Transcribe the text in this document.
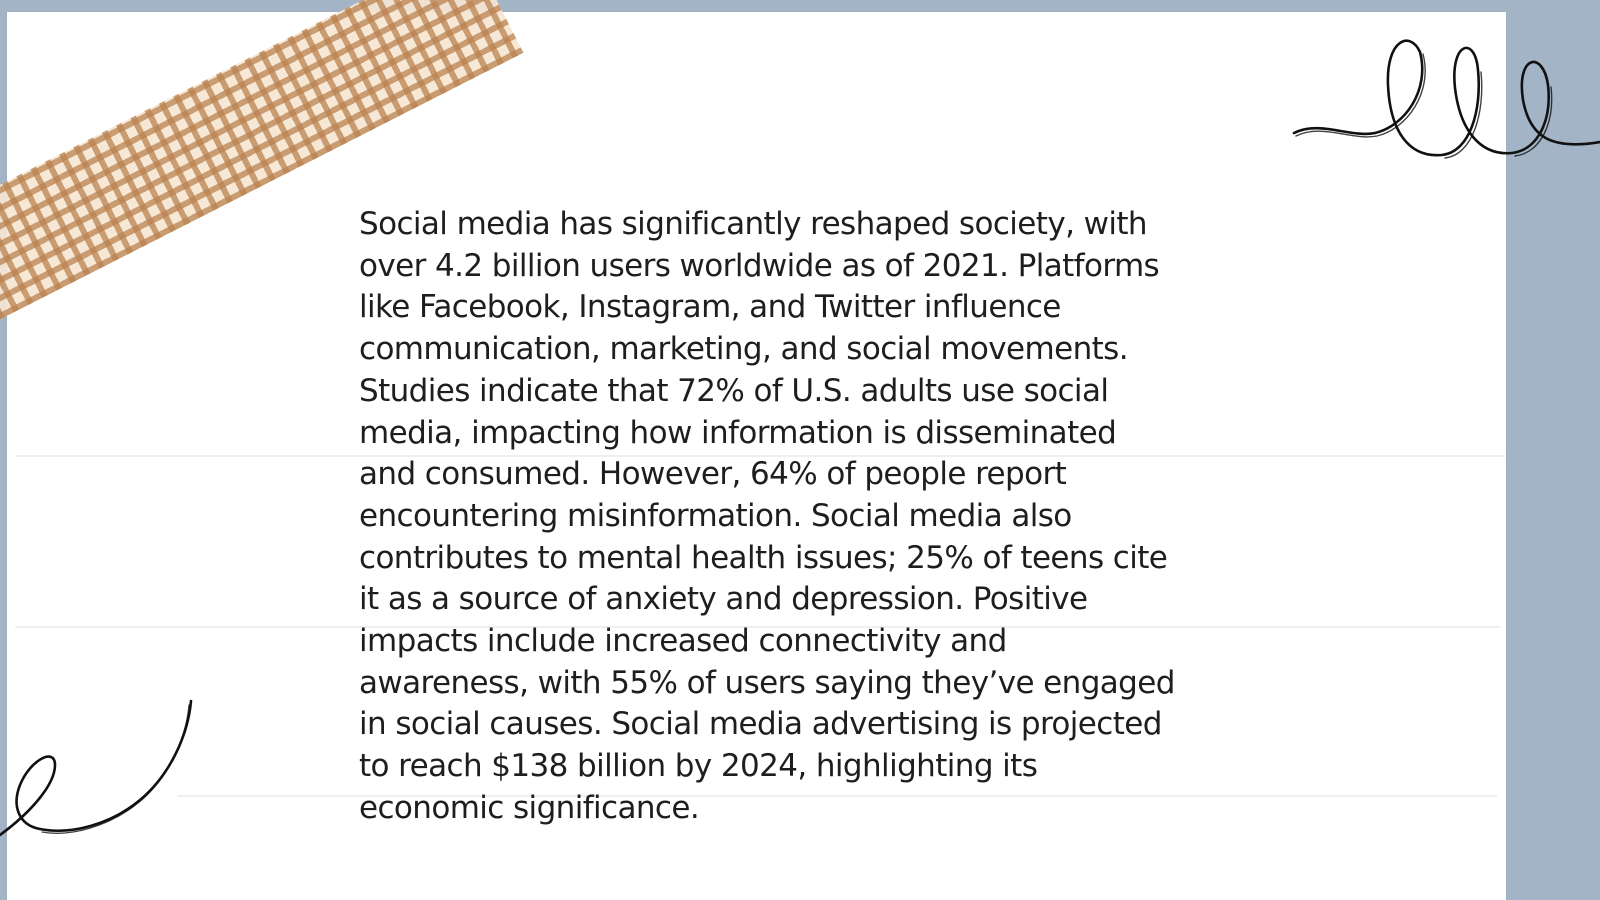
Social media has significantly reshaped society, with
over 4.2 billion users worldwide as of 2021. Platforms
like Facebook, Instagram, and Twitter influence
communication, marketing, and social movements.
Studies indicate that 72% of U.S. adults use social
media, impacting how information is disseminated
and consumed. However, 64% of people report
encountering misinformation. Social media also
contributes to mental health issues; 25% of teens cite
it as a source of anxiety and depression. Positive
impacts include increased connectivity and
awareness, with 55% of users saying they’ve engaged
in social causes. Social media advertising is projected
to reach $138 billion by 2024, highlighting its
economic significance.
